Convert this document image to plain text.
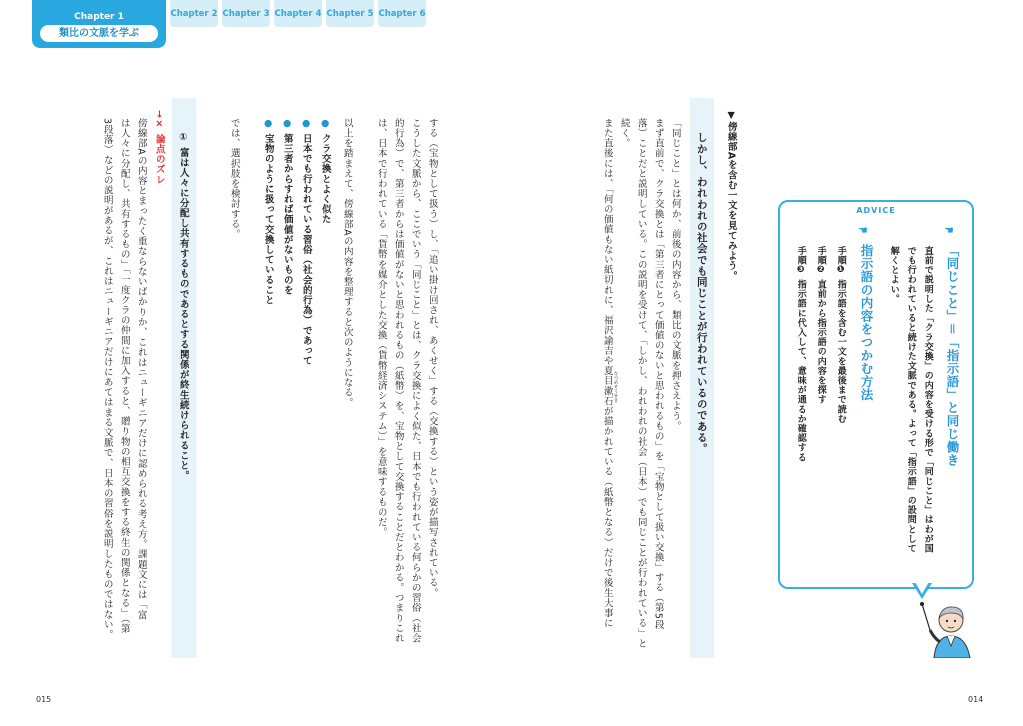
Chapter 1
類比の文脈を学ぶ
Chapter 2 Chapter 3 Chapter 4 Chapter 5 Chapter 6
▼傍線部Aを含む一文を見てみよう。
しかし、われわれの社会でも同じことが行われているのである。
「同じこと」とは何か、前後の内容から、類比の文脈を押さえよう。
まず直前で、クラ交換とは「第三者にとって価値のないと思われるもの」を「宝物として扱い交換」する（第5段
落）ことだと説明している。この説明を受けて、「しかし、われわれの社会（日本）でも同じことが行われている」と
続く。
また直後には、「何の価値もない紙切れに、福沢諭吉や夏目漱石が描かれている（紙幣となる）だけで後生大事に なつめそうせき
ADVICE
☚
「同じこと」＝「指示語」と同じ働き
直前で説明した「クラ交換」の内容を受ける形で「同じこと」はわが国
でも行われていると続けた文脈である。よって「指示語」の設問として
解くとよい。
☚
指示語の内容をつかむ方法
手順❶ 指示語を含む一文を最後まで読む
手順❷ 直前から指示語の内容を探す
手順❸ 指示語に代入して、意味が通るか確認する
する（宝物として扱う）し、「追い掛け回され、あくせく」する（交換する）という姿が描写されている。
こうした文脈から、ここでいう「同じこと」とは、クラ交換によく似た、日本でも行われている何らかの習俗（社会
的行為）で、第三者からは価値がないと思われるもの（紙幣）を、宝物として交換することだとわかる。つまりこれ
は、日本で行われている「貨幣を媒介とした交換（貨幣経済システム）」を意味するものだ。
以上を踏まえて、傍線部Aの内容を整理すると次のようになる。
● クラ交換とよく似た
● 日本でも行われている習俗（社会的行為）であって
● 第三者からすれば価値がないものを
● 宝物のように扱って交換していること
では、選択肢を検討する。
① 富は人々に分配し共有するものであるとする関係が終生続けられること。
→× 論点のズレ
傍線部Aの内容とまったく重ならないばかりか、これはニューギニアだけに認められる考え方。課題文には「富
は人々に分配し、共有するもの」「一度クラの仲間に加入すると、贈り物の相互交換をする終生の関係となる」（第
3段落）などの説明があるが、これはニューギニアだけにあてはまる文脈で、日本の習俗を説明したものではない。
015	014
